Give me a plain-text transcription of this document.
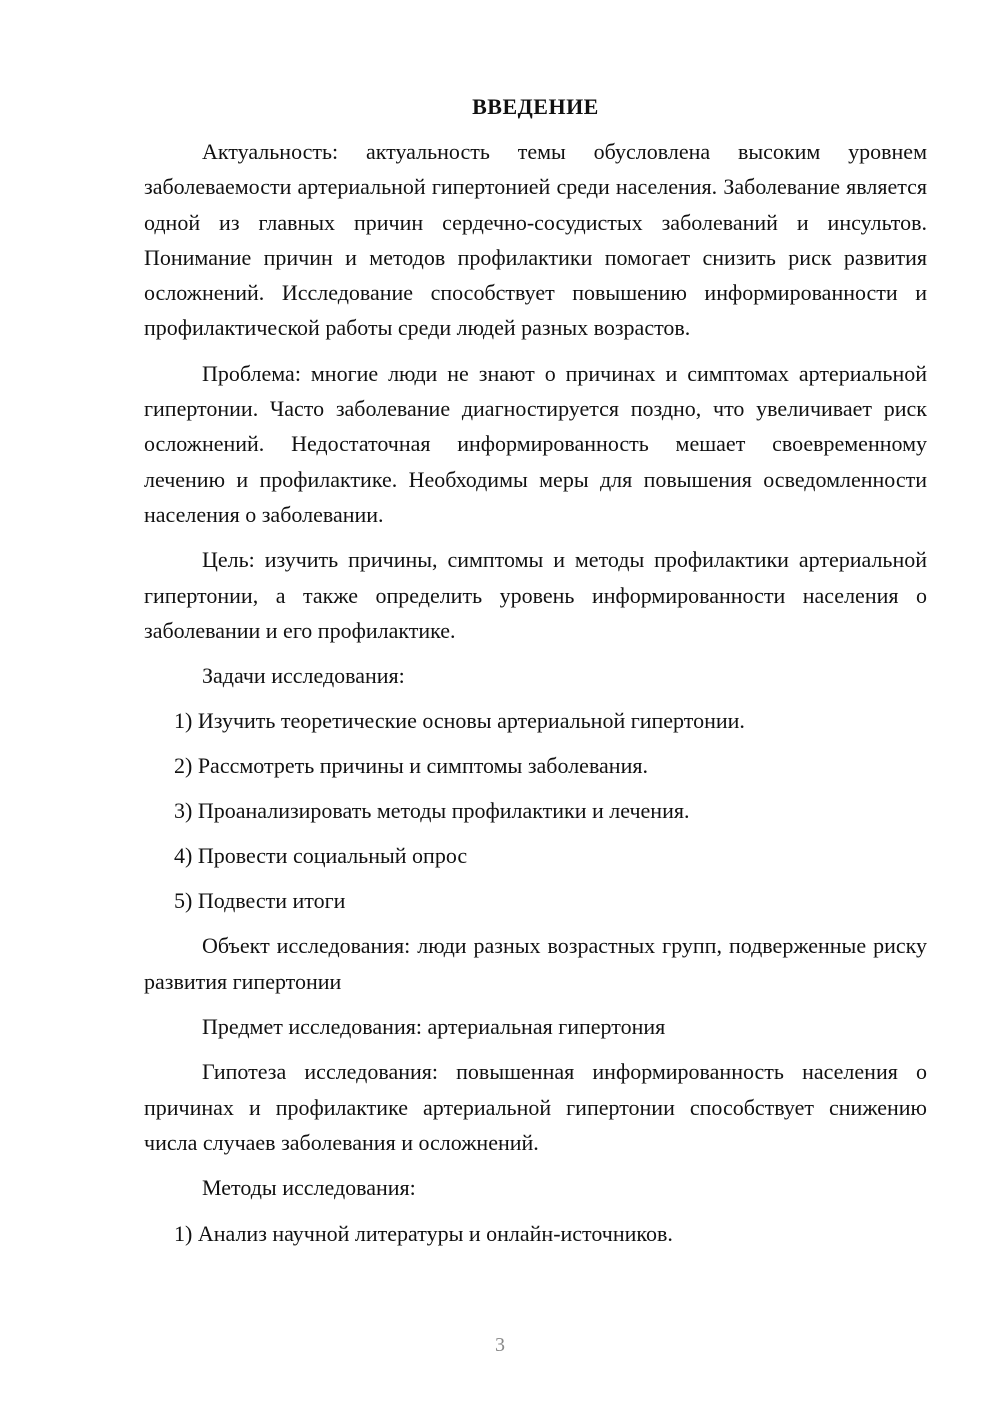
ВВЕДЕНИЕ

Актуальность: актуальность темы обусловлена высоким уровнем заболеваемости артериальной гипертонией среди населения. Заболевание является одной из главных причин сердечно-сосудистых заболеваний и инсультов. Понимание причин и методов профилактики помогает снизить риск развития осложнений. Исследование способствует повышению информированности и профилактической работы среди людей разных возрастов.

Проблема: многие люди не знают о причинах и симптомах артериальной гипертонии. Часто заболевание диагностируется поздно, что увеличивает риск осложнений. Недостаточная информированность мешает своевременному лечению и профилактике. Необходимы меры для повышения осведомленности населения о заболевании.

Цель: изучить причины, симптомы и методы профилактики артериальной гипертонии, а также определить уровень информированности населения о заболевании и его профилактике.

Задачи исследования:

1) Изучить теоретические основы артериальной гипертонии.
2) Рассмотреть причины и симптомы заболевания.
3) Проанализировать методы профилактики и лечения.
4) Провести социальный опрос
5) Подвести итоги

Объект исследования: люди разных возрастных групп, подверженные риску развития гипертонии

Предмет исследования: артериальная гипертония

Гипотеза исследования: повышенная информированность населения о причинах и профилактике артериальной гипертонии способствует снижению числа случаев заболевания и осложнений.

Методы исследования:

1) Анализ научной литературы и онлайн-источников.
3
